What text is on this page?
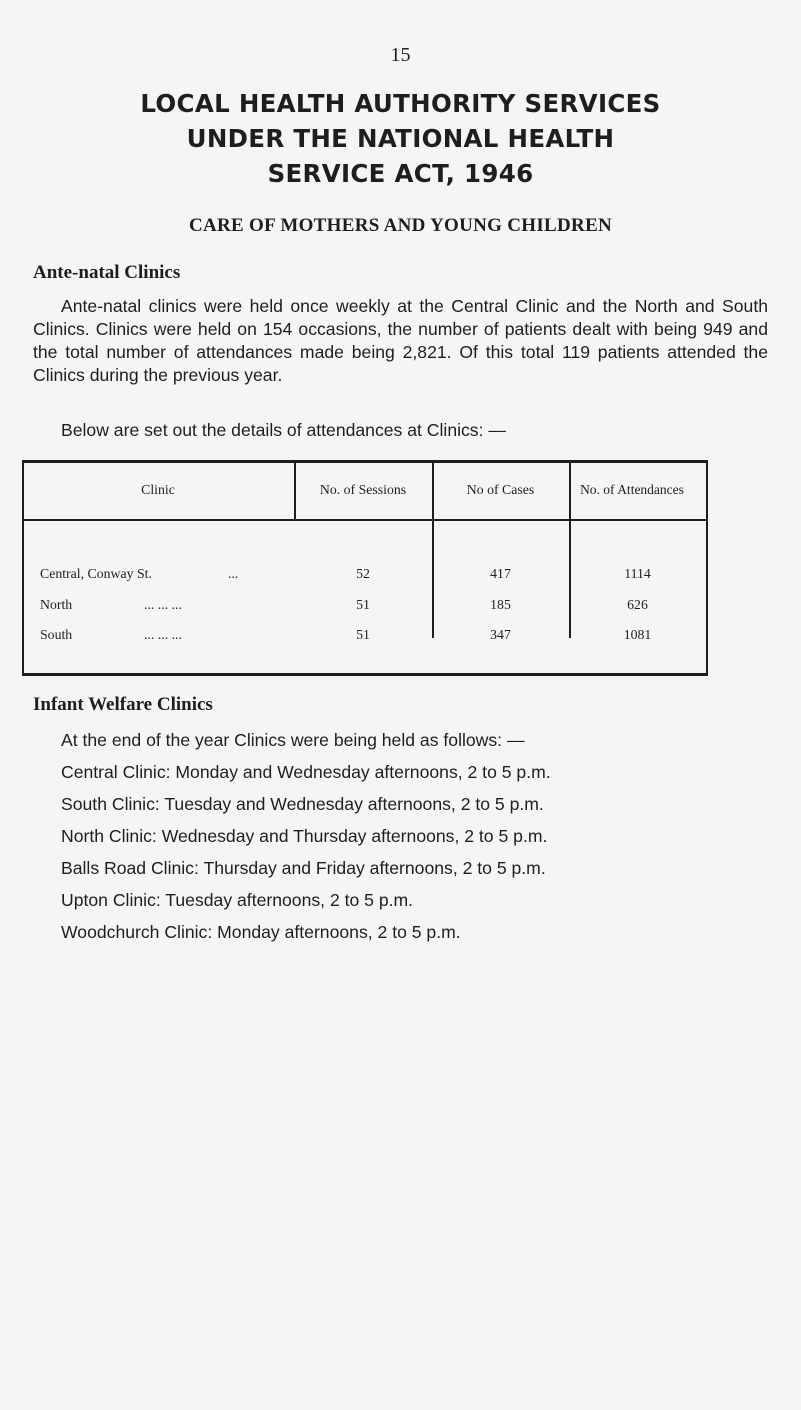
15
LOCAL HEALTH AUTHORITY SERVICES
UNDER THE NATIONAL HEALTH
SERVICE ACT, 1946
CARE OF MOTHERS AND YOUNG CHILDREN
Ante-natal Clinics
Ante-natal clinics were held once weekly at the Central Clinic and the North and South Clinics. Clinics were held on 154 occasions, the number of patients dealt with being 949 and the total number of attendances made being 2,821. Of this total 119 patients attended the Clinics during the previous year.
Below are set out the details of attendances at Clinics: —
Clinic	No. of Sessions	No of Cases	No. of Attendances
Central, Conway St.	...	52	417	1114
North	... ... ...	51	185	626
South	... ... ...	51	347	1081
Infant Welfare Clinics
At the end of the year Clinics were being held as follows: —
Central Clinic: Monday and Wednesday afternoons, 2 to 5 p.m.
South Clinic: Tuesday and Wednesday afternoons, 2 to 5 p.m.
North Clinic: Wednesday and Thursday afternoons, 2 to 5 p.m.
Balls Road Clinic: Thursday and Friday afternoons, 2 to 5 p.m.
Upton Clinic: Tuesday afternoons, 2 to 5 p.m.
Woodchurch Clinic: Monday afternoons, 2 to 5 p.m.
